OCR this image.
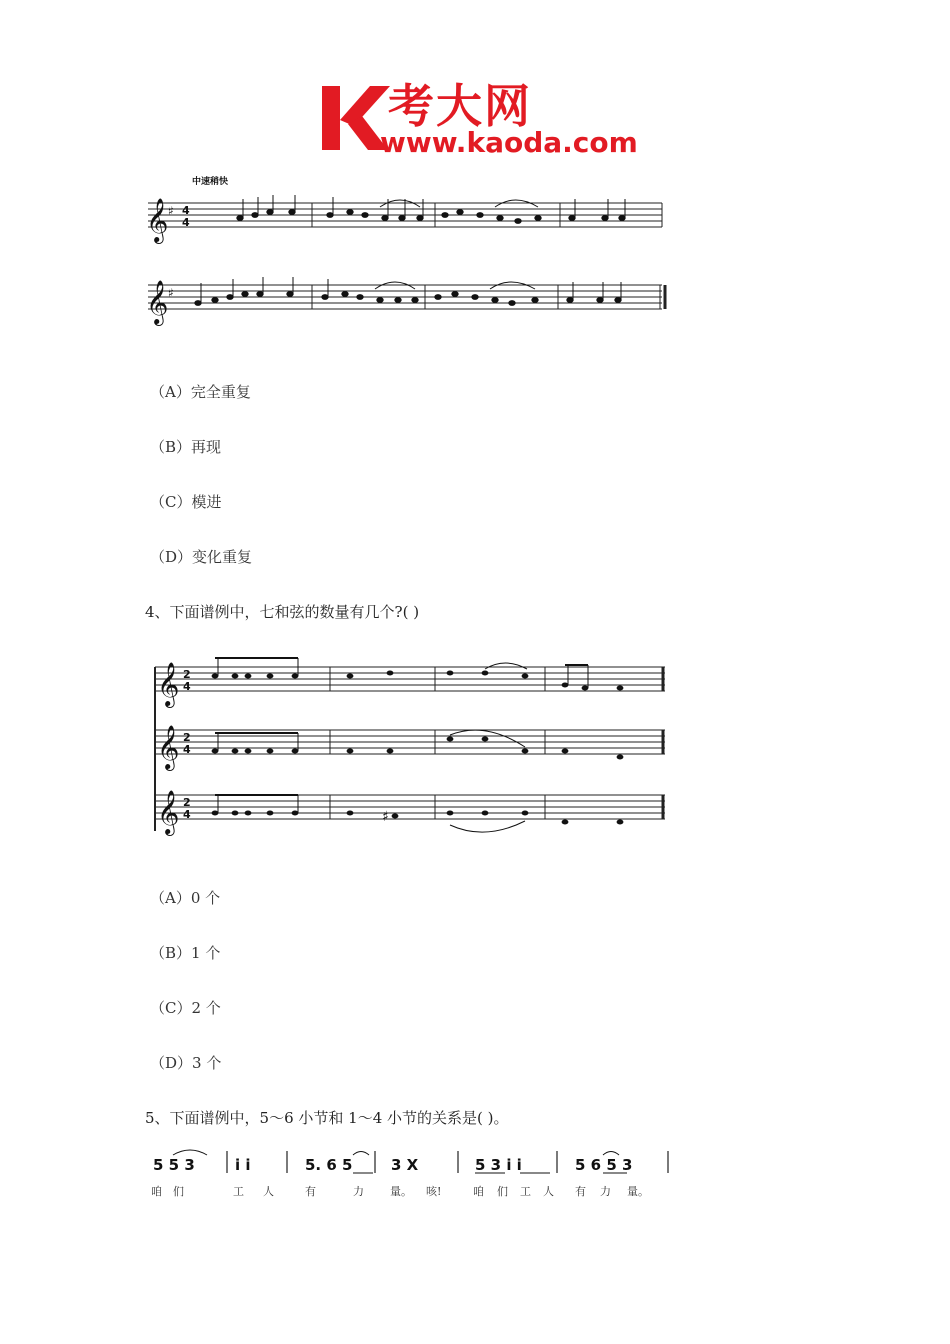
考大网
www.kaoda.com
中速稍快
𝄞
𝄞
♯
♯
4
4
（A）完全重复
（B）再现
（C）模进
（D）变化重复
4、下面谱例中，七和弦的数量有几个?( )
𝄞
𝄞
𝄞
2
4
2
4
2
4	♯
（A）0 个
（B）1 个
（C）2 个
（D）3 个
5、下面谱例中，5～6 小节和 1～4 小节的关系是( )。
5 5 3	i i	5. 6 5	3 X	5 3 i i	5 6 5 3
咱 们	工 人	有	力 量。 咳!	咱 们 工 人 有 力 量。
